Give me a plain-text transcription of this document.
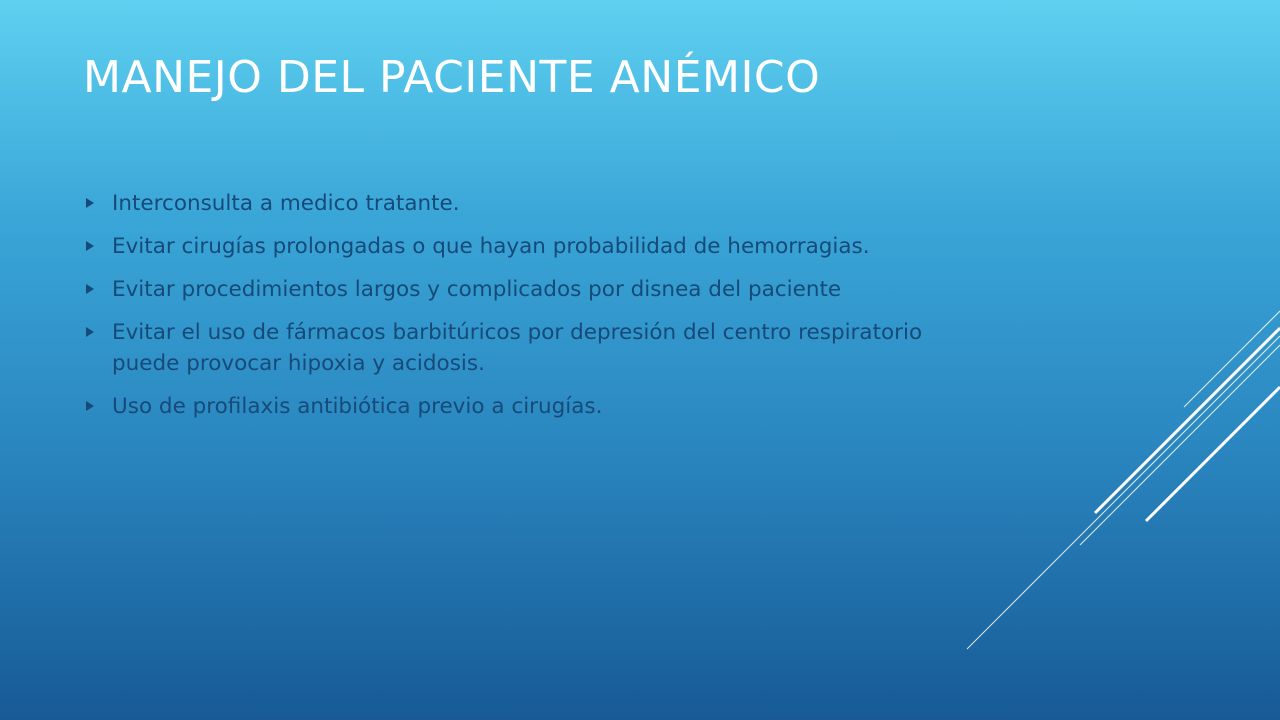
MANEJO DEL PACIENTE ANÉMICO
Interconsulta a medico tratante.
Evitar cirugías prolongadas o que hayan probabilidad de hemorragias.
Evitar procedimientos largos y complicados por disnea del paciente
Evitar el uso de fármacos barbitúricos por depresión del centro respiratorio puede provocar hipoxia y acidosis.
Uso de profilaxis antibiótica previo a cirugías.
